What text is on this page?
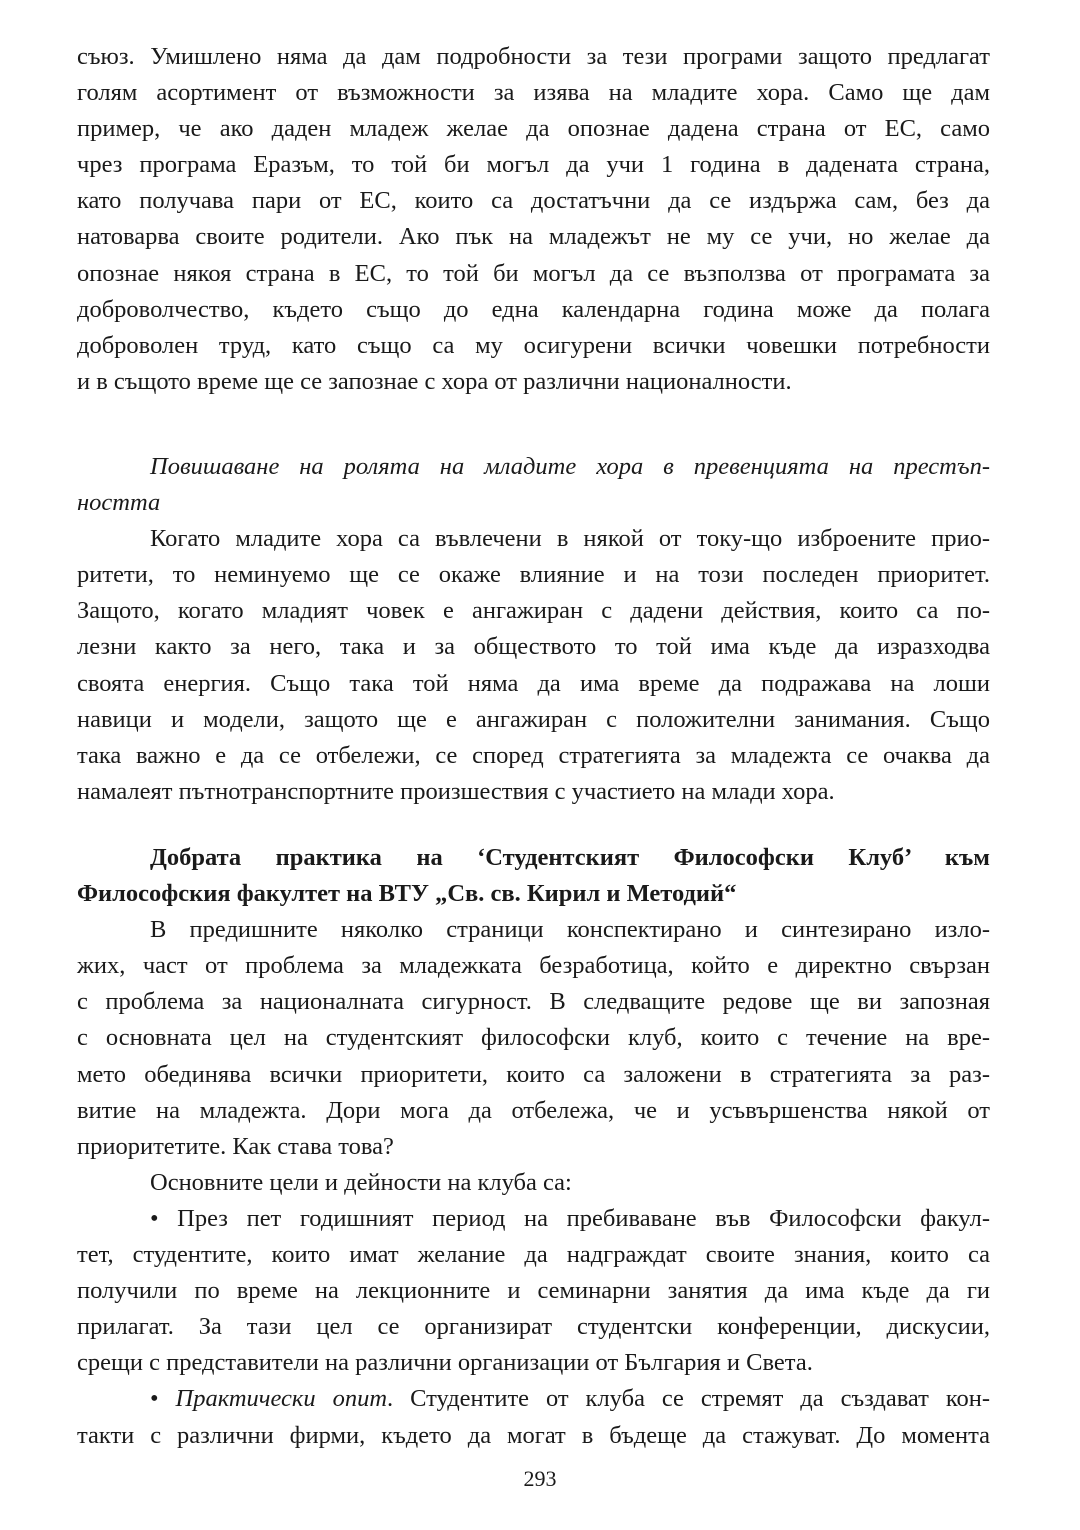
съюз. Умишлено няма да дам подробности за тези програми защото предлагат
голям асортимент от възможности за изява на младите хора. Само ще дам
пример, че ако даден младеж желае да опознае дадена страна от ЕС, само
чрез програма Еразъм, то той би могъл да учи 1 година в дадената страна,
като получава пари от ЕС, които са достатъчни да се издържа сам, без да
натоварва своите родители. Ако пък на младежът не му се учи, но желае да
опознае някоя страна в ЕС, то той би могъл да се възползва от програмата за
доброволчество, където също до една календарна година може да полага
доброволен труд, като също са му осигурени всички човешки потребности
и в същото време ще се запознае с хора от различни националности.
Повишаване на ролята на младите хора в превенцията на престъп-
ността
Когато младите хора са въвлечени в някой от току-що изброените прио-
ритети, то неминуемо ще се окаже влияние и на този последен приоритет.
Защото, когато младият човек е ангажиран с дадени действия, които са по-
лезни както за него, така и за обществото то той има къде да изразходва
своята енергия. Също така той няма да има време да подражава на лоши
навици и модели, защото ще е ангажиран с положителни занимания. Също
така важно е да се отбележи, се според стратегията за младежта се очаква да
намалеят пътнотранспортните произшествия с участието на млади хора.
Добрата практика на ‘Студентският Философски Клуб’ към
Философския факултет на ВТУ „Св. св. Кирил и Методий“
В предишните няколко страници конспектирано и синтезирано изло-
жих, част от проблема за младежката безработица, който е директно свързан
с проблема за националната сигурност. В следващите редове ще ви запозная
с основната цел на студентският философски клуб, които с течение на вре-
мето обединява всички приоритети, които са заложени в стратегията за раз-
витие на младежта. Дори мога да отбележа, че и усъвършенства някой от
приоритетите. Как става това?
Основните цели и дейности на клуба са:
• През пет годишният период на пребиваване във Философски факул-
тет, студентите, които имат желание да надграждат своите знания, които са
получили по време на лекционните и семинарни занятия да има къде да ги
прилагат. За тази цел се организират студентски конференции, дискусии,
срещи с представители на различни организации от България и Света.
• Практически опит. Студентите от клуба се стремят да създават кон-
такти с различни фирми, където да могат в бъдеще да стажуват. До момента
293
